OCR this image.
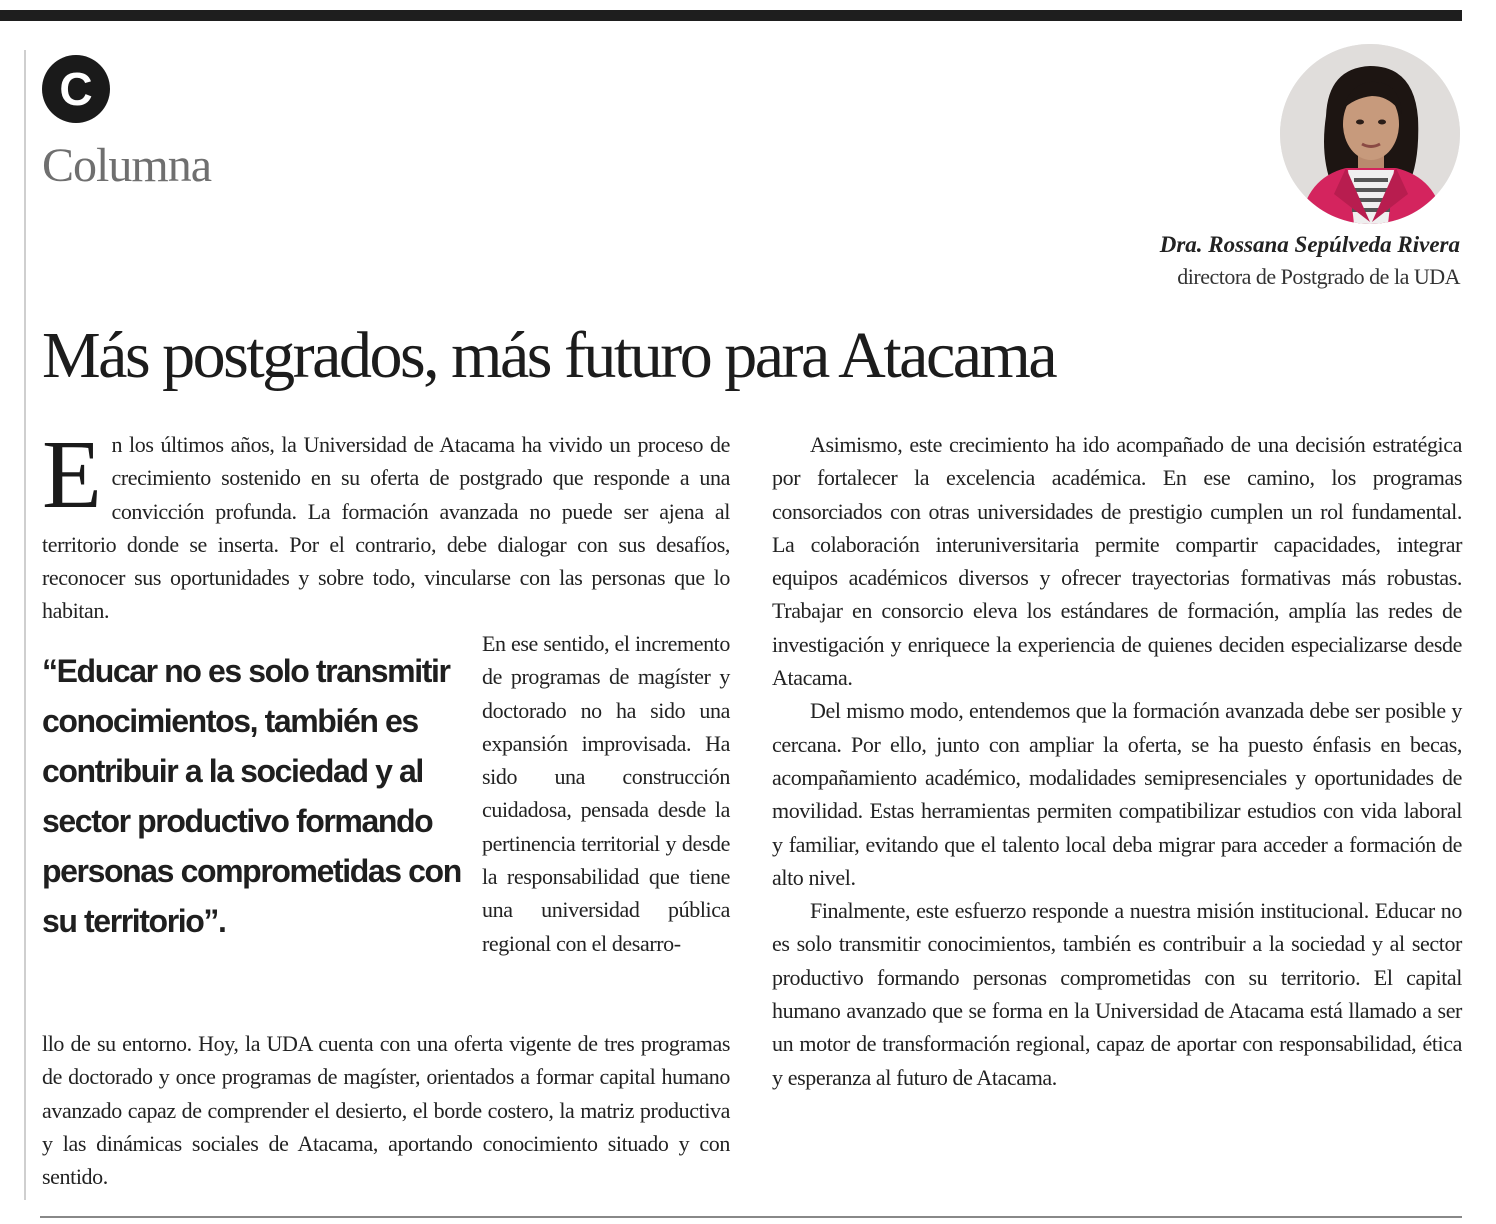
C
Columna
Dra. Rossana Sepúlveda Rivera
directora de Postgrado de la UDA
Más postgrados, más futuro para Atacama

En los últimos años, la Universidad de Atacama ha vivido un proceso de crecimiento sostenido en su oferta de postgrado que responde a una convicción profunda. La formación avanzada no puede ser ajena al territorio donde se inserta. Por el contrario, debe dialogar con sus desafíos, reconocer sus oportunidades y sobre todo, vincularse con las personas que lo habitan.

“Educar no es solo transmitir conocimientos, también es contribuir a la sociedad y al sector productivo formando personas comprometidas con su territorio”.

En ese sentido, el incremento de programas de magíster y doctorado no ha sido una expansión improvisada. Ha sido una construcción cuidadosa, pensada desde la pertinencia territorial y desde la responsabilidad que tiene una universidad pública regional con el desarro-

llo de su entorno. Hoy, la UDA cuenta con una oferta vigente de tres programas de doctorado y once programas de magíster, orientados a formar capital humano avanzado capaz de comprender el desierto, el borde costero, la matriz productiva y las dinámicas sociales de Atacama, aportando conocimiento situado y con sentido.

Asimismo, este crecimiento ha ido acompañado de una decisión estratégica por fortalecer la excelencia académica. En ese camino, los programas consorciados con otras universidades de prestigio cumplen un rol fundamental. La colaboración interuniversitaria permite compartir capacidades, integrar equipos académicos diversos y ofrecer trayectorias formativas más robustas. Trabajar en consorcio eleva los estándares de formación, amplía las redes de investigación y enriquece la experiencia de quienes deciden especializarse desde Atacama.

Del mismo modo, entendemos que la formación avanzada debe ser posible y cercana. Por ello, junto con ampliar la oferta, se ha puesto énfasis en becas, acompañamiento académico, modalidades semipresenciales y oportunidades de movilidad. Estas herramientas permiten compatibilizar estudios con vida laboral y familiar, evitando que el talento local deba migrar para acceder a formación de alto nivel.

Finalmente, este esfuerzo responde a nuestra misión institucional. Educar no es solo transmitir conocimientos, también es contribuir a la sociedad y al sector productivo formando personas comprometidas con su territorio. El capital humano avanzado que se forma en la Universidad de Atacama está llamado a ser un motor de transformación regional, capaz de aportar con responsabilidad, ética y esperanza al futuro de Atacama.
